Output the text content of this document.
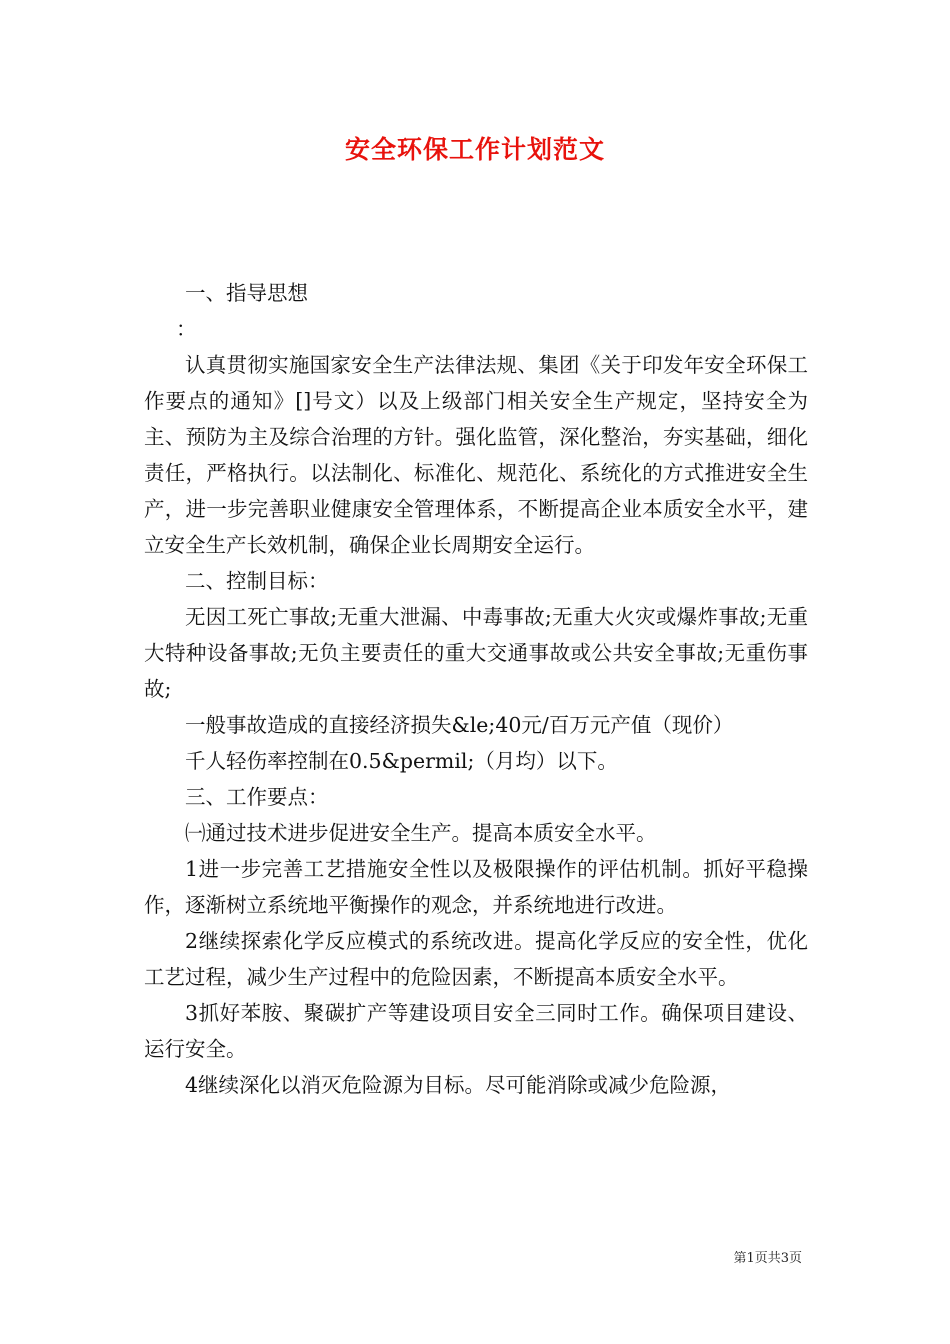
安全环保工作计划范文

一、指导思想

：

认真贯彻实施国家安全生产法律法规、集团《关于印发年安全环保工作要点的通知》[]号文）以及上级部门相关安全生产规定，坚持安全为主、预防为主及综合治理的方针。强化监管，深化整治，夯实基础，细化责任，严格执行。以法制化、标准化、规范化、系统化的方式推进安全生产，进一步完善职业健康安全管理体系，不断提高企业本质安全水平，建立安全生产长效机制，确保企业长周期安全运行。

二、控制目标：

无因工死亡事故;无重大泄漏、中毒事故;无重大火灾或爆炸事故;无重大特种设备事故;无负主要责任的重大交通事故或公共安全事故;无重伤事故;

一般事故造成的直接经济损失&le;40元/百万元产值（现价）

千人轻伤率控制在0.5&permil;（月均）以下。

三、工作要点：

㈠通过技术进步促进安全生产。提高本质安全水平。

1进一步完善工艺措施安全性以及极限操作的评估机制。抓好平稳操作，逐渐树立系统地平衡操作的观念，并系统地进行改进。

2继续探索化学反应模式的系统改进。提高化学反应的安全性，优化工艺过程，减少生产过程中的危险因素，不断提高本质安全水平。

3抓好苯胺、聚碳扩产等建设项目安全三同时工作。确保项目建设、运行安全。

4继续深化以消灭危险源为目标。尽可能消除或减少危险源，

第1页共3页
